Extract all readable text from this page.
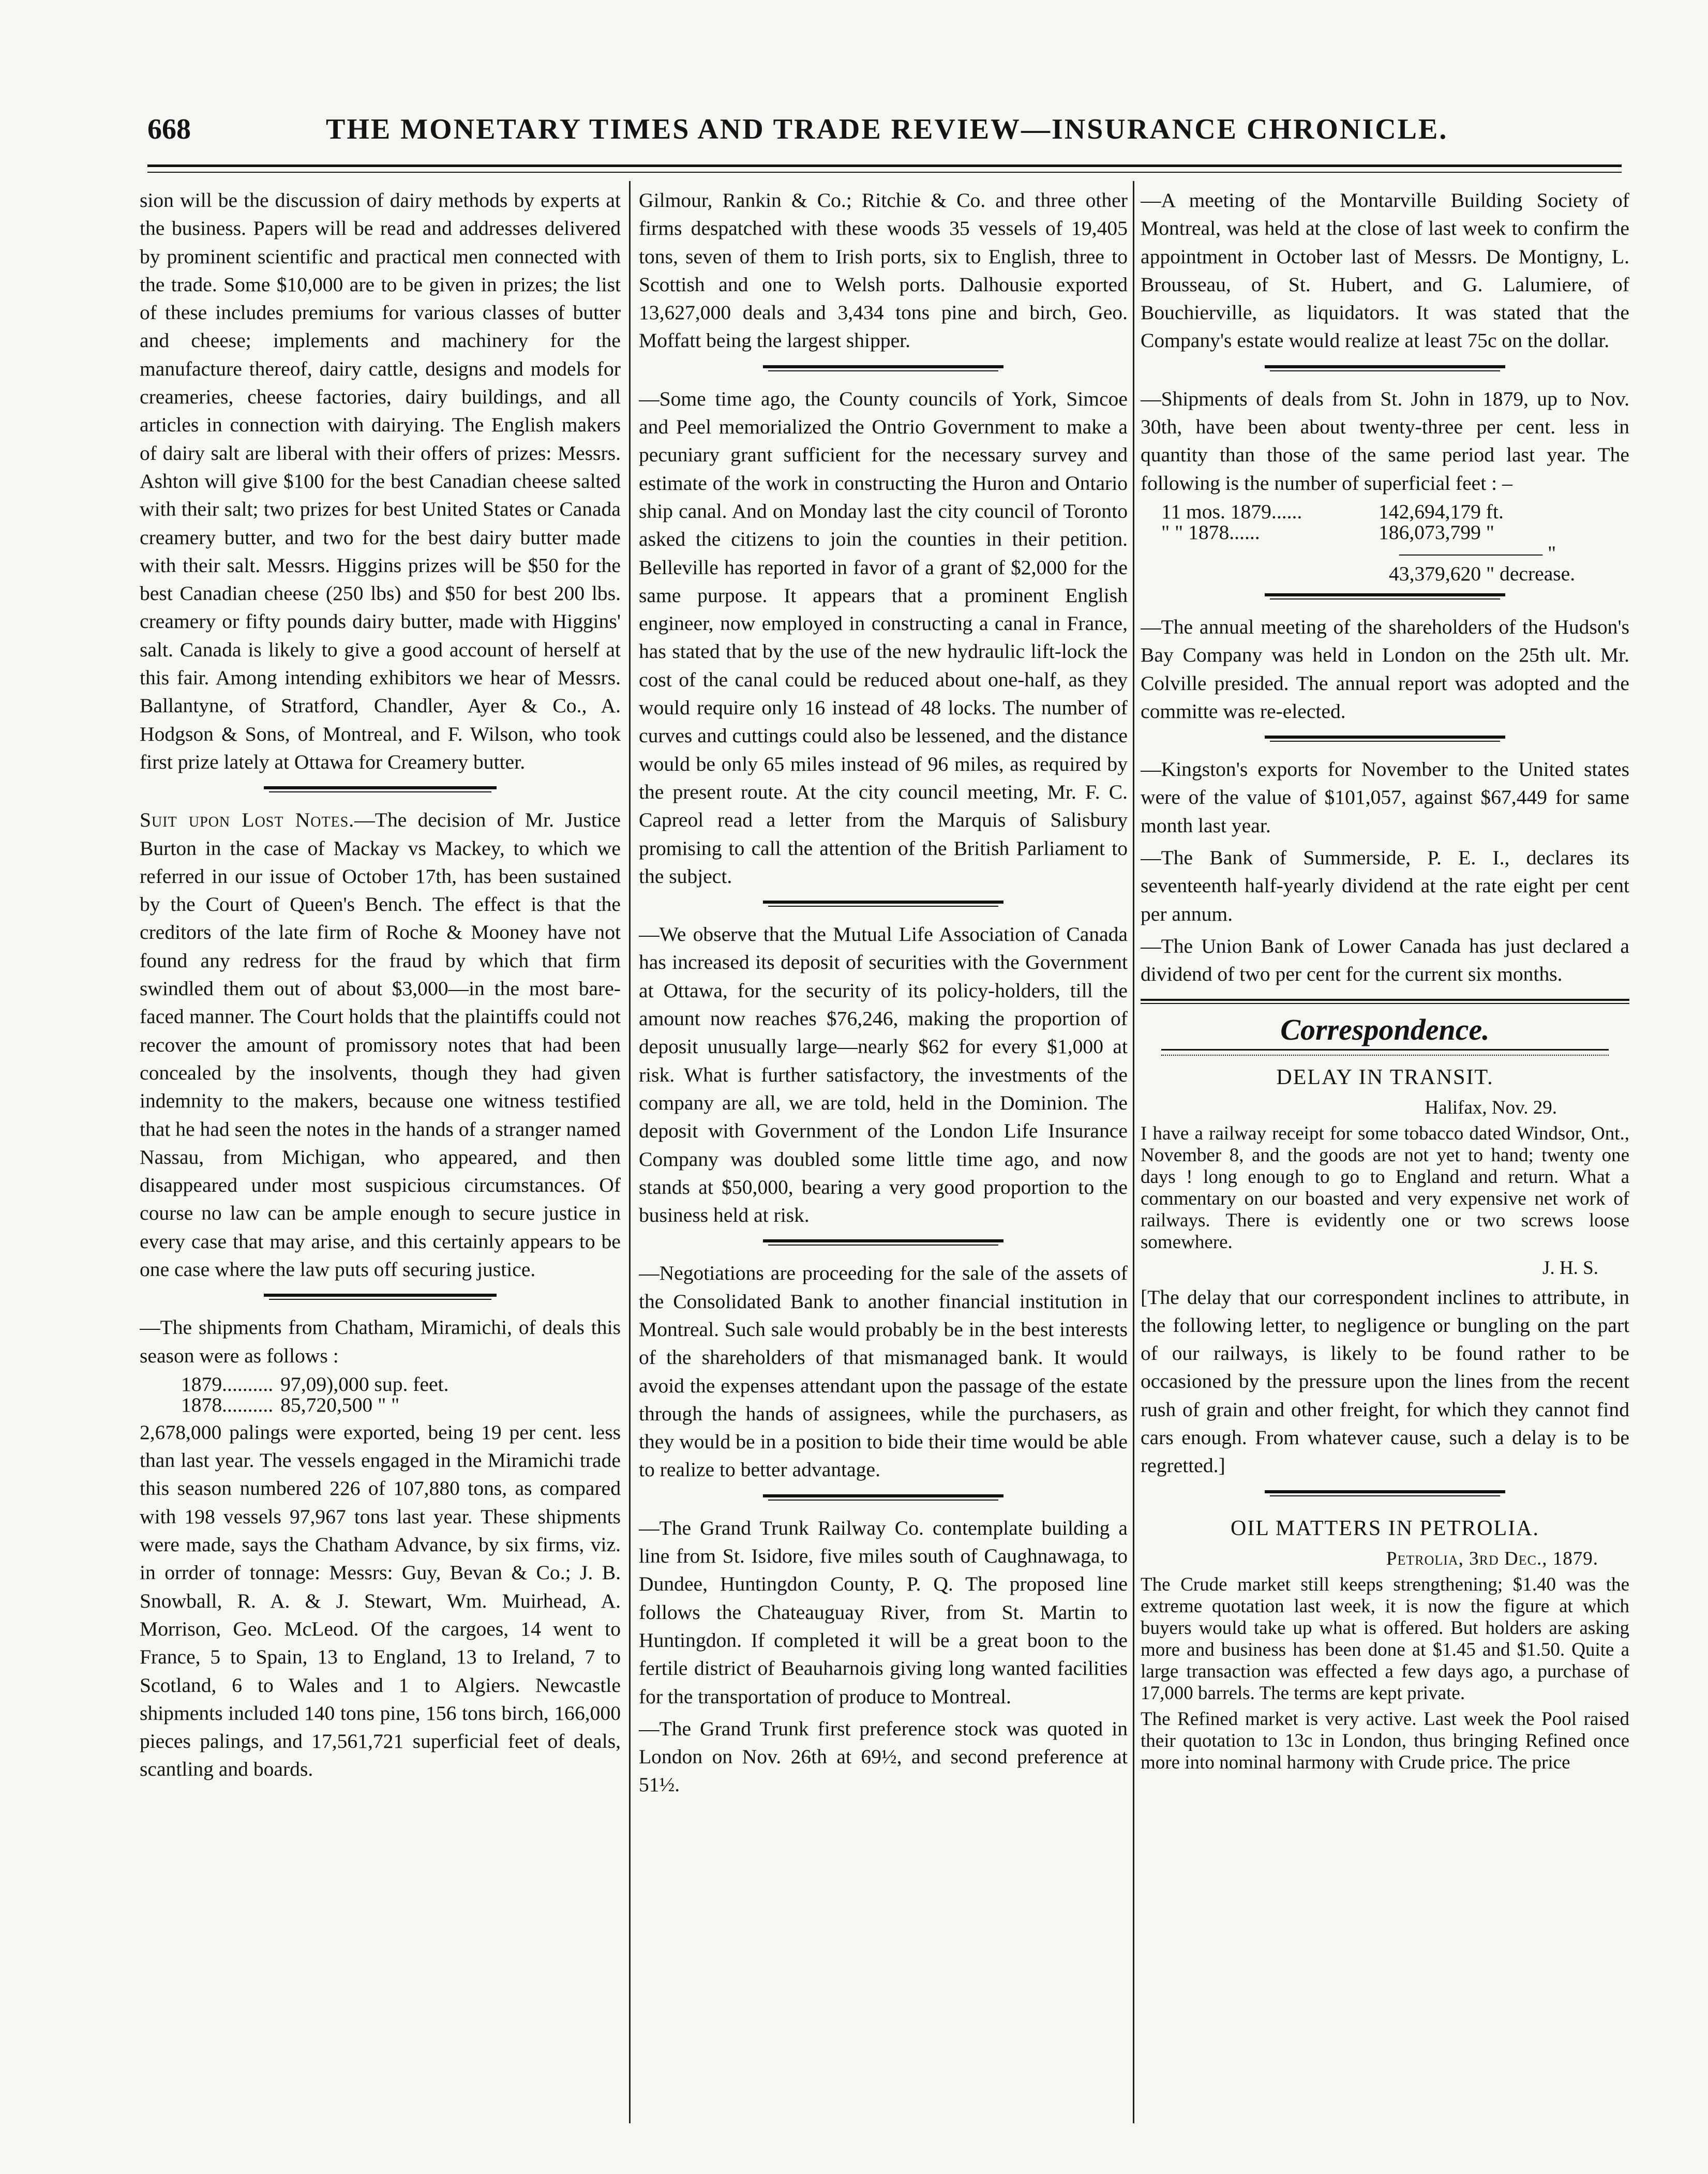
668	THE MONETARY TIMES AND TRADE REVIEW—INSURANCE CHRONICLE.

sion will be the discussion of dairy methods by experts at the business. Papers will be read and addresses delivered by prominent scientific and practical men connected with the trade. Some $10,000 are to be given in prizes; the list of these includes premiums for various classes of butter and cheese; implements and machinery for the manufacture thereof, dairy cattle, designs and models for creameries, cheese factories, dairy buildings, and all articles in connection with dairying. The English makers of dairy salt are liberal with their offers of prizes: Messrs. Ashton will give $100 for the best Canadian cheese salted with their salt; two prizes for best United States or Canada creamery butter, and two for the best dairy butter made with their salt. Messrs. Higgins prizes will be $50 for the best Canadian cheese (250 lbs) and $50 for best 200 lbs. creamery or fifty pounds dairy butter, made with Higgins' salt. Canada is likely to give a good account of herself at this fair. Among intending exhibitors we hear of Messrs. Ballantyne, of Stratford, Chandler, Ayer & Co., A. Hodgson & Sons, of Montreal, and F. Wilson, who took first prize lately at Ottawa for Creamery butter.

Suit upon Lost Notes.—The decision of Mr. Justice Burton in the case of Mackay vs Mackey, to which we referred in our issue of October 17th, has been sustained by the Court of Queen's Bench. The effect is that the creditors of the late firm of Roche & Mooney have not found any redress for the fraud by which that firm swindled them out of about $3,000—in the most bare-faced manner. The Court holds that the plaintiffs could not recover the amount of promissory notes that had been concealed by the insolvents, though they had given indemnity to the makers, because one witness testified that he had seen the notes in the hands of a stranger named Nassau, from Michigan, who appeared, and then disappeared under most suspicious circumstances. Of course no law can be ample enough to secure justice in every case that may arise, and this certainly appears to be one case where the law puts off securing justice.

—The shipments from Chatham, Miramichi, of deals this season were as follows :

1879 .......... 97,09),000 sup. feet.
1878 .......... 85,720,500 " "

2,678,000 palings were exported, being 19 per cent. less than last year. The vessels engaged in the Miramichi trade this season numbered 226 of 107,880 tons, as compared with 198 vessels 97,967 tons last year. These shipments were made, says the Chatham Advance, by six firms, viz. in orrder of tonnage: Messrs: Guy, Bevan & Co.; J. B. Snowball, R. A. & J. Stewart, Wm. Muirhead, A. Morrison, Geo. McLeod. Of the cargoes, 14 went to France, 5 to Spain, 13 to England, 13 to Ireland, 7 to Scotland, 6 to Wales and 1 to Algiers. Newcastle shipments included 140 tons pine, 156 tons birch, 166,000 pieces palings, and 17,561,721 superficial feet of deals, scantling and boards.

Gilmour, Rankin & Co.; Ritchie & Co. and three other firms despatched with these woods 35 vessels of 19,405 tons, seven of them to Irish ports, six to English, three to Scottish and one to Welsh ports. Dalhousie exported 13,627,000 deals and 3,434 tons pine and birch, Geo. Moffatt being the largest shipper.

—Some time ago, the County councils of York, Simcoe and Peel memorialized the Ontrio Government to make a pecuniary grant sufficient for the necessary survey and estimate of the work in constructing the Huron and Ontario ship canal. And on Monday last the city council of Toronto asked the citizens to join the counties in their petition. Belleville has reported in favor of a grant of $2,000 for the same purpose. It appears that a prominent English engineer, now employed in constructing a canal in France, has stated that by the use of the new hydraulic lift-lock the cost of the canal could be reduced about one-half, as they would require only 16 instead of 48 locks. The number of curves and cuttings could also be lessened, and the distance would be only 65 miles instead of 96 miles, as required by the present route. At the city council meeting, Mr. F. C. Capreol read a letter from the Marquis of Salisbury promising to call the attention of the British Parliament to the subject.

—We observe that the Mutual Life Association of Canada has increased its deposit of securities with the Government at Ottawa, for the security of its policy-holders, till the amount now reaches $76,246, making the proportion of deposit unusually large—nearly $62 for every $1,000 at risk. What is further satisfactory, the investments of the company are all, we are told, held in the Dominion. The deposit with Government of the London Life Insurance Company was doubled some little time ago, and now stands at $50,000, bearing a very good proportion to the business held at risk.

—Negotiations are proceeding for the sale of the assets of the Consolidated Bank to another financial institution in Montreal. Such sale would probably be in the best interests of the shareholders of that mismanaged bank. It would avoid the expenses attendant upon the passage of the estate through the hands of assignees, while the purchasers, as they would be in a position to bide their time would be able to realize to better advantage.

—The Grand Trunk Railway Co. contemplate building a line from St. Isidore, five miles south of Caughnawaga, to Dundee, Huntingdon County, P. Q. The proposed line follows the Chateauguay River, from St. Martin to Huntingdon. If completed it will be a great boon to the fertile district of Beauharnois giving long wanted facilities for the transportation of produce to Montreal.

—The Grand Trunk first preference stock was quoted in London on Nov. 26th at 69½, and second preference at 51½.

—A meeting of the Montarville Building Society of Montreal, was held at the close of last week to confirm the appointment in October last of Messrs. De Montigny, L. Brousseau, of St. Hubert, and G. Lalumiere, of Bouchierville, as liquidators. It was stated that the Company's estate would realize at least 75c on the dollar.

—Shipments of deals from St. John in 1879, up to Nov. 30th, have been about twenty-three per cent. less in quantity than those of the same period last year. The following is the number of superficial feet : –

11 mos. 1879......	142,694,179 ft.
" " 1878......	186,073,799 "
——————— "
43,379,620 " decrease.

—The annual meeting of the shareholders of the Hudson's Bay Company was held in London on the 25th ult. Mr. Colville presided. The annual report was adopted and the committe was re-elected.

—Kingston's exports for November to the United states were of the value of $101,057, against $67,449 for same month last year.

—The Bank of Summerside, P. E. I., declares its seventeenth half-yearly dividend at the rate eight per cent per annum.

—The Union Bank of Lower Canada has just declared a dividend of two per cent for the current six months.

Correspondence.
DELAY IN TRANSIT.

Halifax, Nov. 29.

I have a railway receipt for some tobacco dated Windsor, Ont., November 8, and the goods are not yet to hand; twenty one days ! long enough to go to England and return. What a commentary on our boasted and very expensive net work of railways. There is evidently one or two screws loose somewhere.

J. H. S.

[The delay that our correspondent inclines to attribute, in the following letter, to negligence or bungling on the part of our railways, is likely to be found rather to be occasioned by the pressure upon the lines from the recent rush of grain and other freight, for which they cannot find cars enough. From whatever cause, such a delay is to be regretted.]

OIL MATTERS IN PETROLIA.

Petrolia, 3rd Dec., 1879.

The Crude market still keeps strengthening; $1.40 was the extreme quotation last week, it is now the figure at which buyers would take up what is offered. But holders are asking more and business has been done at $1.45 and $1.50. Quite a large transaction was effected a few days ago, a purchase of 17,000 barrels. The terms are kept private.

The Refined market is very active. Last week the Pool raised their quotation to 13c in London, thus bringing Refined once more into nominal harmony with Crude price. The price
